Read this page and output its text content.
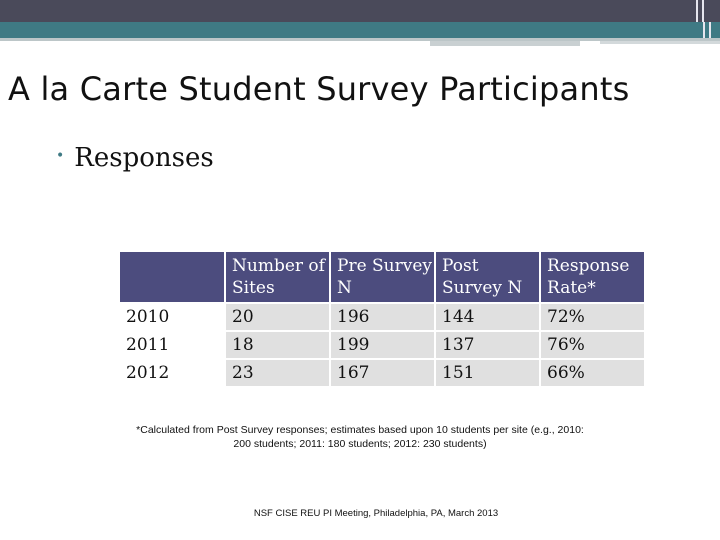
A la Carte Student Survey Participants
• Responses
	Number of Sites	Pre Survey N	Post Survey N	Response Rate*
2010	20	196	144	72%
2011	18	199	137	76%
2012	23	167	151	66%
*Calculated from Post Survey responses; estimates based upon 10 students per site (e.g., 2010: 200 students; 2011: 180 students; 2012: 230 students)
NSF CISE REU PI Meeting, Philadelphia, PA, March 2013
